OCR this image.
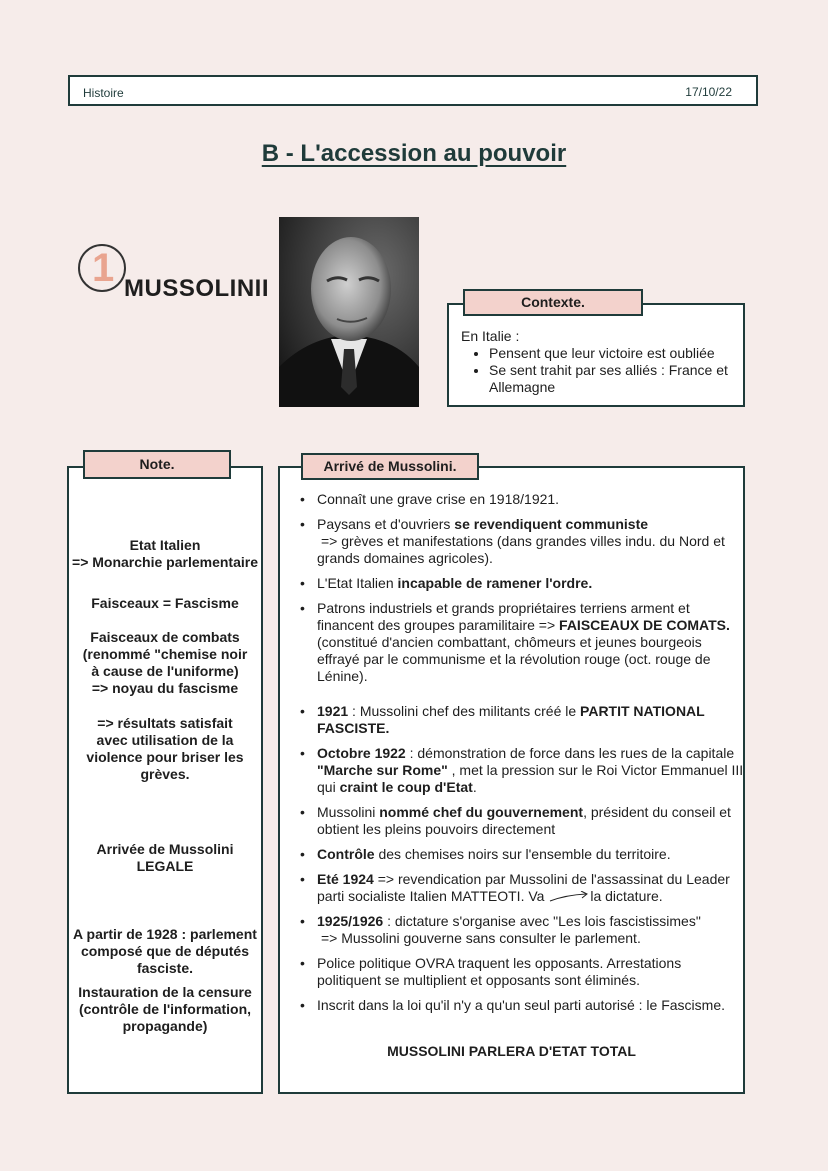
Histoire	17/10/22
B - L'accession au pouvoir
1 MUSSOLINII	Contexte.
En Italie :
• Pensent que leur victoire est oubliée
• Se sent trahit par ses alliés : France et Allemagne
Note.
Etat Italien
=> Monarchie parlementaire
Faisceaux = Fascisme
Faisceaux de combats
(renommé "chemise noir
à cause de l'uniforme)
=> noyau du fascisme
=> résultats satisfait
avec utilisation de la
violence pour briser les
grèves.
Arrivée de Mussolini
LEGALE
A partir de 1928 : parlement
composé que de députés
fasciste.
Instauration de la censure
(contrôle de l'information,
propagande)
Arrivé de Mussolini.
• Connaît une grave crise en 1918/1921.
• Paysans et d'ouvriers se revendiquent communiste
=> grèves et manifestations (dans grandes villes indu. du Nord et grands domaines agricoles).
• L'Etat Italien incapable de ramener l'ordre.
• Patrons industriels et grands propriétaires terriens arment et financent des groupes paramilitaire => FAISCEAUX DE COMATS.
(constitué d'ancien combattant, chômeurs et jeunes bourgeois effrayé par le communisme et la révolution rouge (oct. rouge de Lénine).
• 1921 : Mussolini chef des militants créé le PARTIT NATIONAL FASCISTE.
• Octobre 1922 : démonstration de force dans les rues de la capitale "Marche sur Rome" , met la pression sur le Roi Victor Emmanuel III qui craint le coup d'Etat.
• Mussolini nommé chef du gouvernement, président du conseil et obtient les pleins pouvoirs directement
• Contrôle des chemises noirs sur l'ensemble du territoire.
• Eté 1924 => revendication par Mussolini de l'assassinat du Leader parti socialiste Italien MATTEOTI. Va	la dictature.
• 1925/1926 : dictature s'organise avec "Les lois fascistissimes"
=> Mussolini gouverne sans consulter le parlement.
• Police politique OVRA traquent les opposants. Arrestations politiquent se multiplient et opposants sont éliminés.
• Inscrit dans la loi qu'il n'y a qu'un seul parti autorisé : le Fascisme.
MUSSOLINI PARLERA D'ETAT TOTAL
